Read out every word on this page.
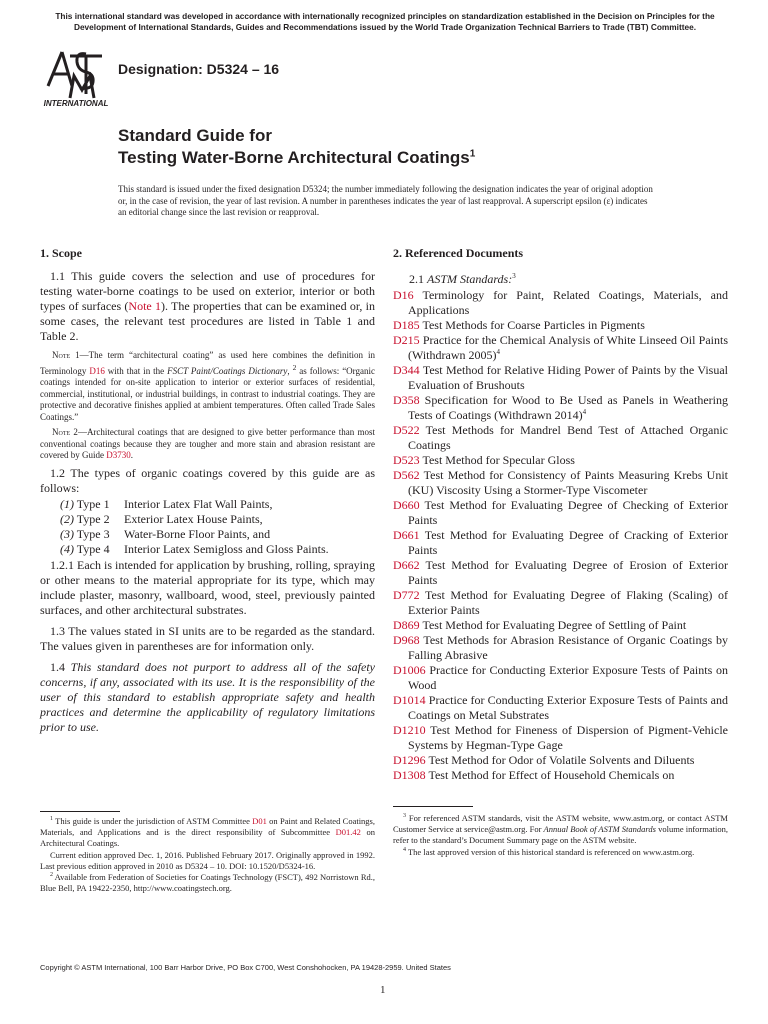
This international standard was developed in accordance with internationally recognized principles on standardization established in the Decision on Principles for the Development of International Standards, Guides and Recommendations issued by the World Trade Organization Technical Barriers to Trade (TBT) Committee.
INTERNATIONAL
Designation: D5324 – 16
Standard Guide for
Testing Water-Borne Architectural Coatings$^1$
This standard is issued under the fixed designation D5324; the number immediately following the designation indicates the year of original adoption or, in the case of revision, the year of last revision. A number in parentheses indicates the year of last reapproval. A superscript epsilon (ε) indicates an editorial change since the last revision or reapproval.
1. Scope

1.1 This guide covers the selection and use of procedures for testing water-borne coatings to be used on exterior, interior or both types of surfaces (Note 1). The properties that can be examined or, in some cases, the relevant test procedures are listed in Table 1 and Table 2.

Note 1—The term “architectural coating” as used here combines the definition in Terminology D16 with that in the FSCT Paint/Coatings Dictionary, $^2$ as follows: “Organic coatings intended for on-site application to interior or exterior surfaces of residential, commercial, institutional, or industrial buildings, in contrast to industrial coatings. They are protective and decorative finishes applied at ambient temperatures. Often called Trade Sales Coatings.”

Note 2—Architectural coatings that are designed to give better performance than most conventional coatings because they are tougher and more stain and abrasion resistant are covered by Guide D3730.

1.2 The types of organic coatings covered by this guide are as follows:

(1) Type 1	Interior Latex Flat Wall Paints,
(2) Type 2	Exterior Latex House Paints,
(3) Type 3	Water-Borne Floor Paints, and
(4) Type 4	Interior Latex Semigloss and Gloss Paints.

1.2.1 Each is intended for application by brushing, rolling, spraying or other means to the material appropriate for its type, which may include plaster, masonry, wallboard, wood, steel, previously painted surfaces, and other architectural substrates.

1.3 The values stated in SI units are to be regarded as the standard. The values given in parentheses are for information only.

1.4 This standard does not purport to address all of the safety concerns, if any, associated with its use. It is the responsibility of the user of this standard to establish appropriate safety and health practices and determine the applicability of regulatory limitations prior to use.

2. Referenced Documents
2.1 ASTM Standards:$^3$

D16 Terminology for Paint, Related Coatings, Materials, and Applications

D185 Test Methods for Coarse Particles in Pigments

D215 Practice for the Chemical Analysis of White Linseed Oil Paints (Withdrawn 2005)$^4$

D344 Test Method for Relative Hiding Power of Paints by the Visual Evaluation of Brushouts

D358 Specification for Wood to Be Used as Panels in Weathering Tests of Coatings (Withdrawn 2014)$^4$

D522 Test Methods for Mandrel Bend Test of Attached Organic Coatings

D523 Test Method for Specular Gloss

D562 Test Method for Consistency of Paints Measuring Krebs Unit (KU) Viscosity Using a Stormer-Type Viscometer

D660 Test Method for Evaluating Degree of Checking of Exterior Paints

D661 Test Method for Evaluating Degree of Cracking of Exterior Paints

D662 Test Method for Evaluating Degree of Erosion of Exterior Paints

D772 Test Method for Evaluating Degree of Flaking (Scaling) of Exterior Paints

D869 Test Method for Evaluating Degree of Settling of Paint

D968 Test Methods for Abrasion Resistance of Organic Coatings by Falling Abrasive

D1006 Practice for Conducting Exterior Exposure Tests of Paints on Wood

D1014 Practice for Conducting Exterior Exposure Tests of Paints and Coatings on Metal Substrates

D1210 Test Method for Fineness of Dispersion of Pigment-Vehicle Systems by Hegman-Type Gage

D1296 Test Method for Odor of Volatile Solvents and Diluents

D1308 Test Method for Effect of Household Chemicals on

$^1$ This guide is under the jurisdiction of ASTM Committee D01 on Paint and Related Coatings, Materials, and Applications and is the direct responsibility of Subcommittee D01.42 on Architectural Coatings.

Current edition approved Dec. 1, 2016. Published February 2017. Originally approved in 1992. Last previous edition approved in 2010 as D5324 – 10. DOI: 10.1520/D5324-16.

$^2$ Available from Federation of Societies for Coatings Technology (FSCT), 492 Norristown Rd., Blue Bell, PA 19422-2350, http://www.coatingstech.org.

$^3$ For referenced ASTM standards, visit the ASTM website, www.astm.org, or contact ASTM Customer Service at service@astm.org. For Annual Book of ASTM Standards volume information, refer to the standard’s Document Summary page on the ASTM website.

$^4$ The last approved version of this historical standard is referenced on www.astm.org.

Copyright © ASTM International, 100 Barr Harbor Drive, PO Box C700, West Conshohocken, PA 19428-2959. United States
1
